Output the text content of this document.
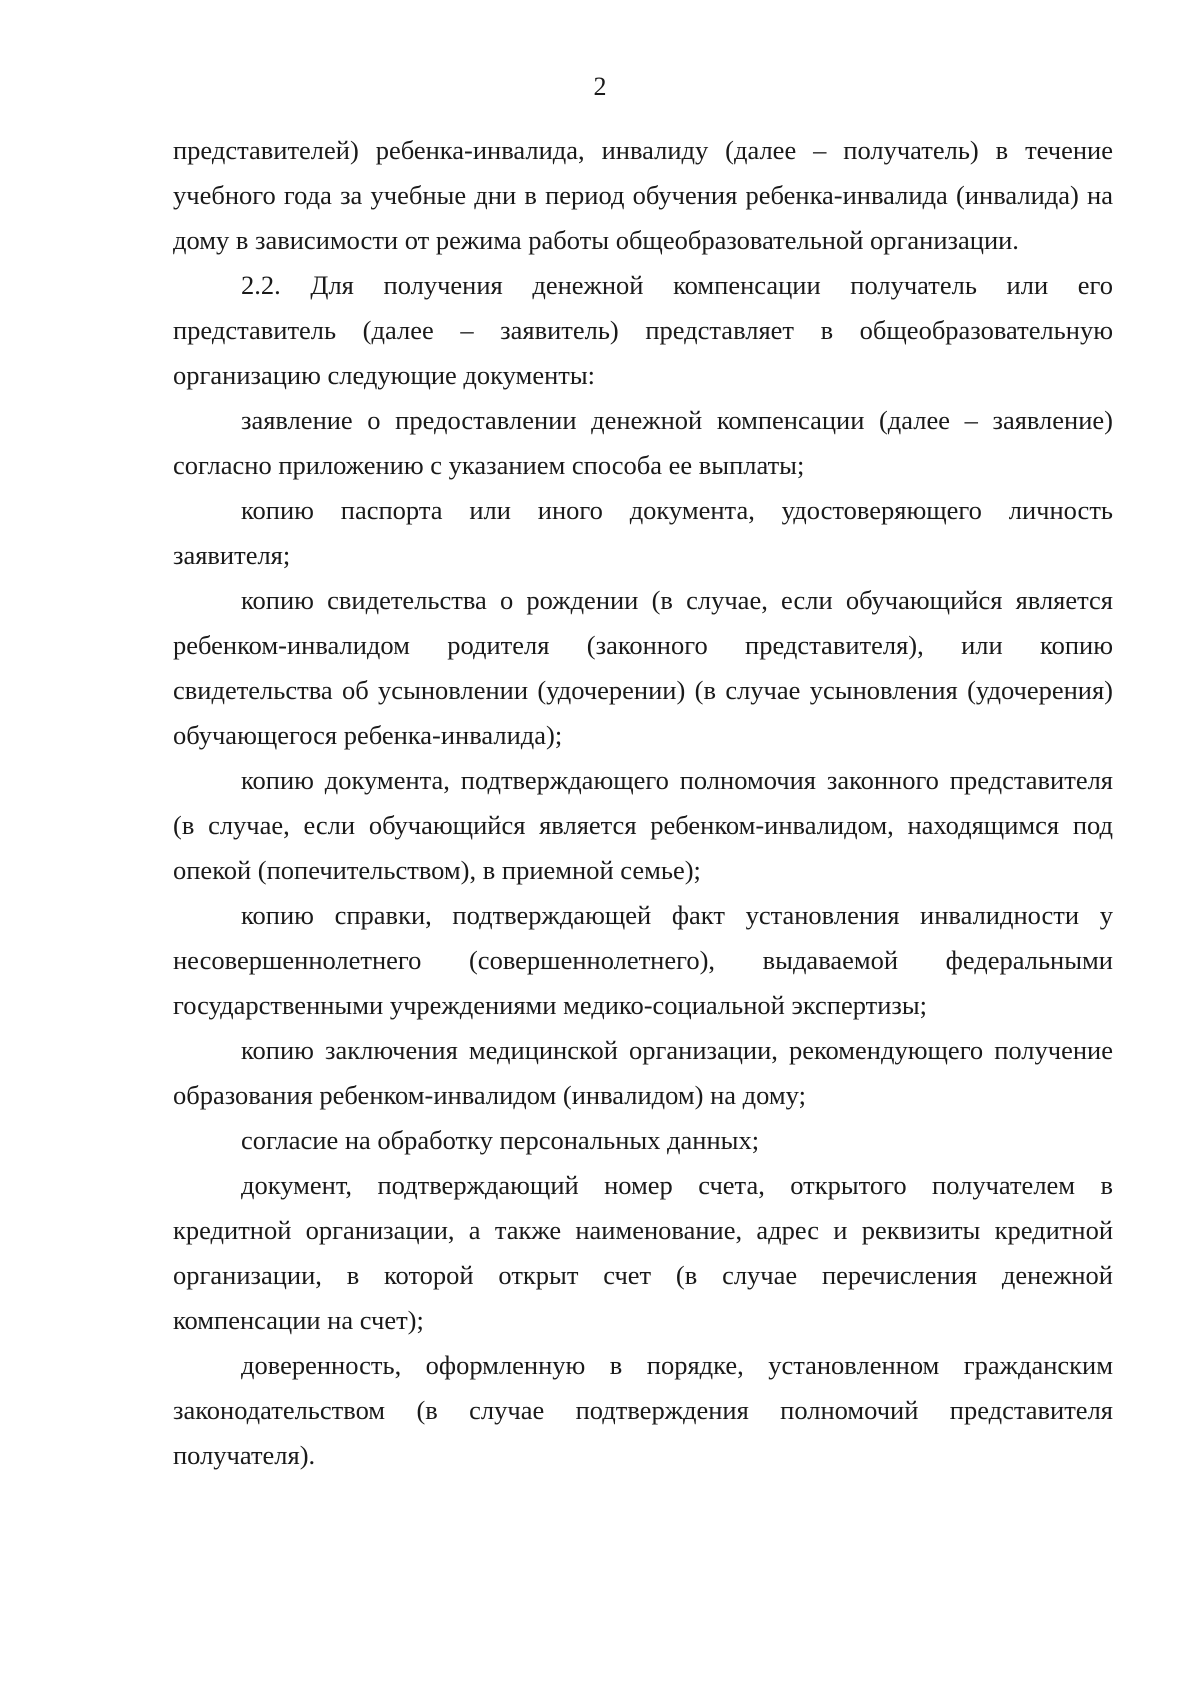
2

представителей) ребенка-инвалида, инвалиду (далее – получатель) в течение учебного года за учебные дни в период обучения ребенка-инвалида (инвалида) на дому в зависимости от режима работы общеобразовательной организации.

2.2. Для получения денежной компенсации получатель или его представитель (далее – заявитель) представляет в общеобразовательную организацию следующие документы:

заявление о предоставлении денежной компенсации (далее – заявление) согласно приложению с указанием способа ее выплаты;

копию паспорта или иного документа, удостоверяющего личность заявителя;

копию свидетельства о рождении (в случае, если обучающийся является ребенком-инвалидом родителя (законного представителя), или копию свидетельства об усыновлении (удочерении) (в случае усыновления (удочерения) обучающегося ребенка-инвалида);

копию документа, подтверждающего полномочия законного представителя (в случае, если обучающийся является ребенком-инвалидом, находящимся под опекой (попечительством), в приемной семье);

копию справки, подтверждающей факт установления инвалидности у несовершеннолетнего (совершеннолетнего), выдаваемой федеральными государственными учреждениями медико-социальной экспертизы;

копию заключения медицинской организации, рекомендующего получение образования ребенком-инвалидом (инвалидом) на дому;

согласие на обработку персональных данных;

документ, подтверждающий номер счета, открытого получателем в кредитной организации, а также наименование, адрес и реквизиты кредитной организации, в которой открыт счет (в случае перечисления денежной компенсации на счет);

доверенность, оформленную в порядке, установленном гражданским законодательством (в случае подтверждения полномочий представителя получателя).
